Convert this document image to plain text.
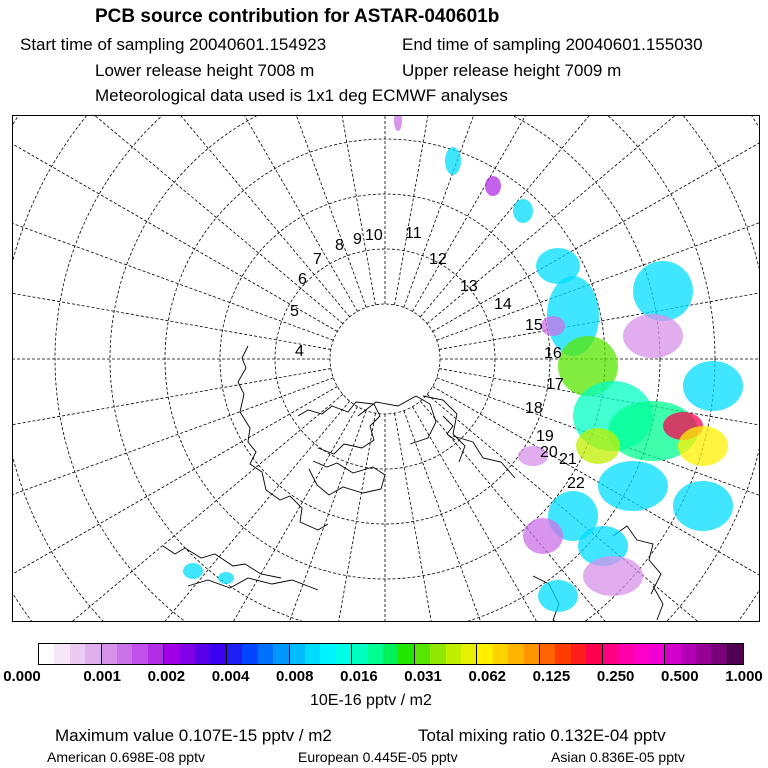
PCB source contribution for ASTAR-040601b
Start time of sampling 20040601.154923	End time of sampling 20040601.155030
Lower release height 7008 m	Upper release height 7009 m
Meteorological data used is 1x1 deg ECMWF analyses
4
5
6
7
8 9 10 11
12
13
14
15
16
17
18
19
20 21
22
0.000	0.001 0.002 0.004 0.008 0.016 0.031 0.062 0.125 0.250 0.500 1.000
10E-16 pptv / m2
Maximum value 0.107E-15 pptv / m2	Total mixing ratio 0.132E-04 pptv
American 0.698E-08 pptv	European 0.445E-05 pptv	Asian 0.836E-05 pptv
